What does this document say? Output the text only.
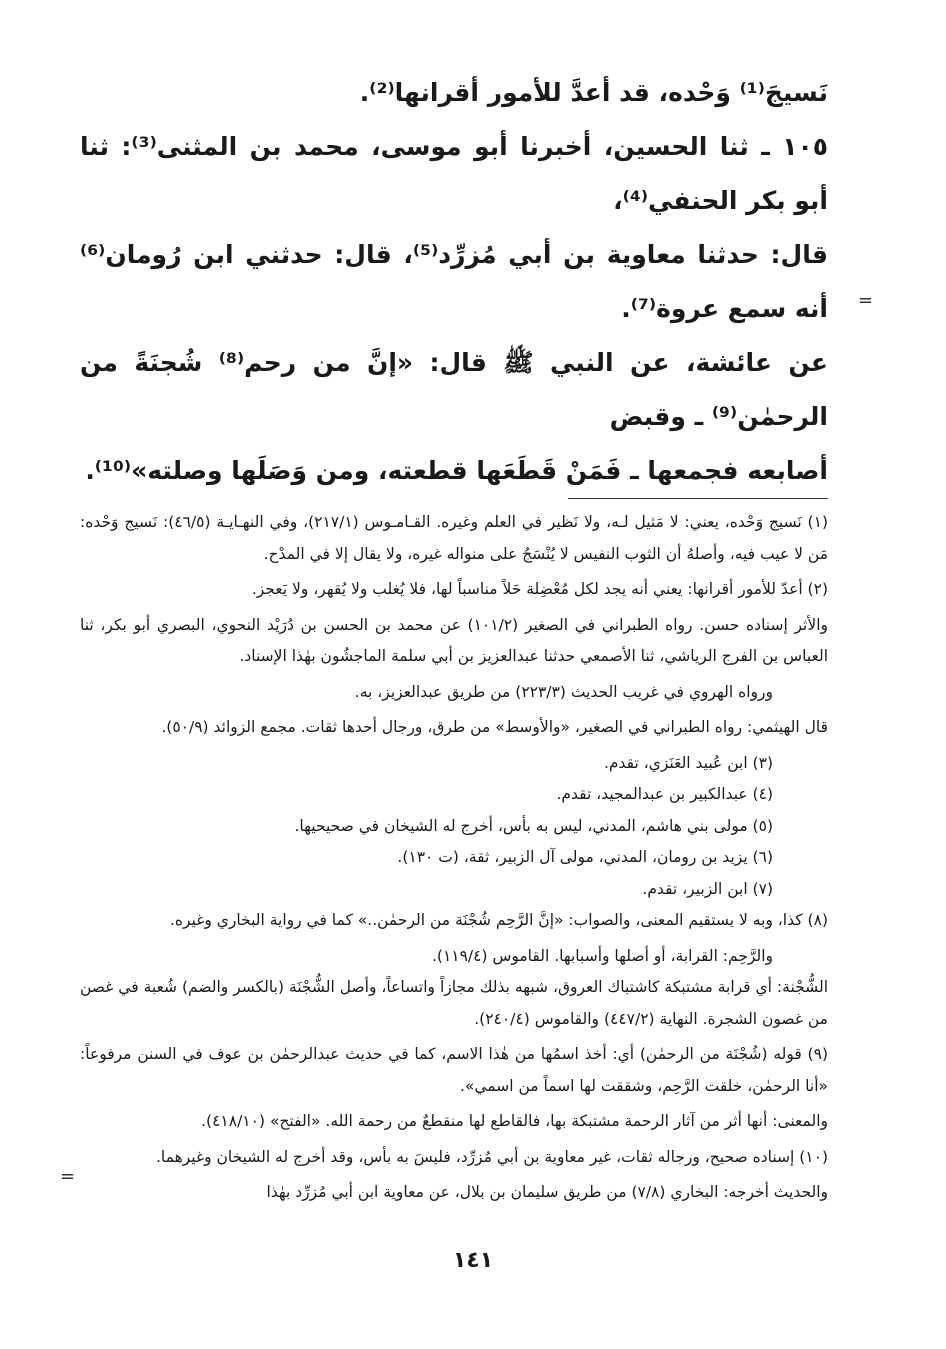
نَسيجَ⁽¹⁾ وَحْده، قد أعدَّ للأمور أقرانها⁽²⁾.

١٠٥ ـ ثنا الحسين، أخبرنا أبو موسى، محمد بن المثنى⁽³⁾: ثنا أبو بكر الحنفي⁽⁴⁾،

قال: حدثنا معاوية بن أبي مُزرِّد⁽⁵⁾، قال: حدثني ابن رُومان⁽⁶⁾ أنه سمع عروة⁽⁷⁾.

عن عائشة، عن النبي ﷺ قال: «إنَّ من رحم⁽⁸⁾ شُجنَةً من الرحمٰن⁽⁹⁾ ـ وقبض

أصابعه فجمعها ـ فَمَنْ قَطَعَها قطعته، ومن وَصَلَها وصلته»⁽¹⁰⁾.

(١) نَسيج وَحْده، يعني: لا مَثيل لـه، ولا نَظير في العلم وغيره. القـامـوس (٢١٧/١)، وفي النهـايـة (٤٦/٥): نَسيج وَحْده: مَن لا عيب فيه، وأصلهُ أن الثوب النفيس لا يُنْسَجُ على منواله غيره، ولا يقال إلا في المدْح.

(٢) أعدّ للأمور أقرانها: يعني أنه يجد لكل مُعْضِلة حَلاً مناسباً لها، فلا يُغلب ولا يُقهر، ولا يَعجز.

والأثر إسناده حسن. رواه الطبراني في الصغير (١٠١/٢) عن محمد بن الحسن بن دُرَيْد النحوي، البصري أبو بكر، ثنا العباس بن الفرج الرياشي، ثنا الأصمعي حدثنا عبدالعزيز بن أبي سلمة الماجشُون بهٰذا الإسناد.

ورواه الهروي في غريب الحديث (٢٢٣/٣) من طريق عبدالعزيز، به.

قال الهيثمي: رواه الطبراني في الصغير، «والأوسط» من طرق، ورجال أحدها ثقات. مجمع الزوائد (٥٠/٩).

(٣) ابن عُبيد العَنَزي، تقدم.

(٤) عبدالكبير بن عبدالمجيد، تقدم.

(٥) مولى بني هاشم، المدني، ليس به بأس، أخرج له الشيخان في صحيحيها.

(٦) يزيد بن رومان، المدني، مولى آل الزبير، ثقة، (ت ١٣٠).

(٧) ابن الزبير، تقدم.

(٨) كذا، وبه لا يستقيم المعنى، والصواب: «إنَّ الرَّحِم شُجْنَة من الرحمٰن..» كما في رواية البخاري وغيره.

والرَّحِم: القرابة، أو أصلها وأسبابها. القاموس (١١٩/٤).

الشُّجْنة: أي قرابة مشتبكة كاشتباك العروق، شبهه بذلك مجازاً واتساعاً، وأصل الشُّجْنَة (بالكسر والضم) شُعبة في غصن من غصون الشجرة. النهاية (٤٤٧/٢) والقاموس (٢٤٠/٤).

(٩) قوله (شُجْنَة من الرحمٰن) أي: أخذ اسمُها من هٰذا الاسم، كما في حديث عبدالرحمٰن بن عوف في السنن مرفوعاً: «أنا الرحمٰن، خلقت الرَّحِم، وشققت لها اسماً من اسمي».

والمعنى: أنها أثر من آثار الرحمة مشتبكة بها، فالقاطع لها منقطعٌ من رحمة الله. «الفتح» (٤١٨/١٠).

(١٠) إسناده صحيح، ورجاله ثقات، غير معاوية بن أبي مُزرِّد، فليسَ به بأس، وقد أخرج له الشيخان وغيرهما.

والحديث أخرجه: البخاري (٧/٨) من طريق سليمان بن بلال، عن معاوية ابن أبي مُزرِّد بهٰذا

=
=
١٤١
